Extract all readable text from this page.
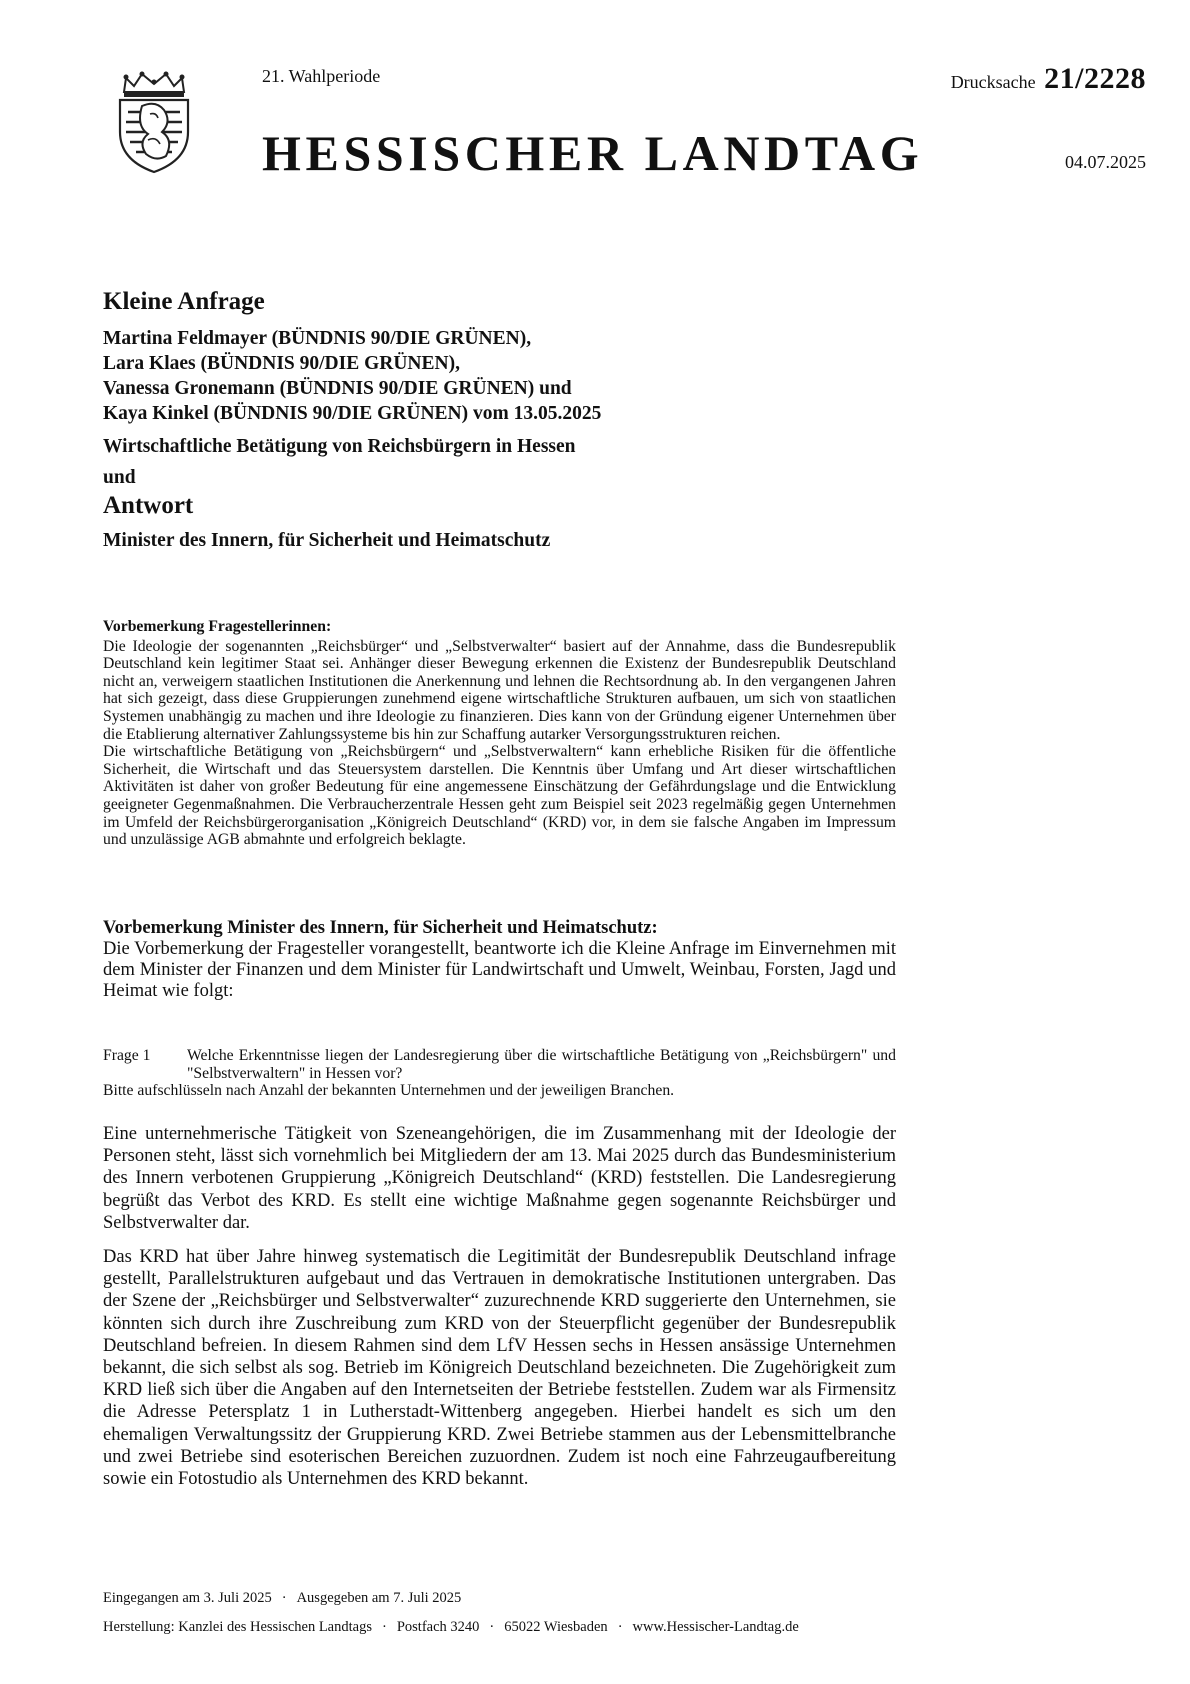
21. Wahlperiode	Drucksache 21/2228
HESSISCHER LANDTAG	04.07.2025

Kleine Anfrage

Martina Feldmayer (BÜNDNIS 90/DIE GRÜNEN),

Lara Klaes (BÜNDNIS 90/DIE GRÜNEN),

Vanessa Gronemann (BÜNDNIS 90/DIE GRÜNEN) und

Kaya Kinkel (BÜNDNIS 90/DIE GRÜNEN) vom 13.05.2025

Wirtschaftliche Betätigung von Reichsbürgern in Hessen

und

Antwort

Minister des Innern, für Sicherheit und Heimatschutz

Vorbemerkung Fragestellerinnen:

Die Ideologie der sogenannten „Reichsbürger“ und „Selbstverwalter“ basiert auf der Annahme, dass die Bundesrepublik Deutschland kein legitimer Staat sei. Anhänger dieser Bewegung erkennen die Existenz der Bundesrepublik Deutschland nicht an, verweigern staatlichen Institutionen die Anerkennung und lehnen die Rechtsordnung ab. In den vergangenen Jahren hat sich gezeigt, dass diese Gruppierungen zunehmend eigene wirtschaftliche Strukturen aufbauen, um sich von staatlichen Systemen unabhängig zu machen und ihre Ideologie zu finanzieren. Dies kann von der Gründung eigener Unternehmen über die Etablierung alternativer Zahlungssysteme bis hin zur Schaffung autarker Versorgungsstrukturen reichen.

Die wirtschaftliche Betätigung von „Reichsbürgern“ und „Selbstverwaltern“ kann erhebliche Risiken für die öffentliche Sicherheit, die Wirtschaft und das Steuersystem darstellen. Die Kenntnis über Umfang und Art dieser wirtschaftlichen Aktivitäten ist daher von großer Bedeutung für eine angemessene Einschätzung der Gefährdungslage und die Entwicklung geeigneter Gegenmaßnahmen. Die Verbraucherzentrale Hessen geht zum Beispiel seit 2023 regelmäßig gegen Unternehmen im Umfeld der Reichsbürgerorganisation „Königreich Deutschland“ (KRD) vor, in dem sie falsche Angaben im Impressum und unzulässige AGB abmahnte und erfolgreich beklagte.

Vorbemerkung Minister des Innern, für Sicherheit und Heimatschutz:

Die Vorbemerkung der Fragesteller vorangestellt, beantworte ich die Kleine Anfrage im Einvernehmen mit dem Minister der Finanzen und dem Minister für Landwirtschaft und Umwelt, Weinbau, Forsten, Jagd und Heimat wie folgt:

Frage 1	Welche Erkenntnisse liegen der Landesregierung über die wirtschaftliche Betätigung von „Reichsbürgern" und "Selbstverwaltern" in Hessen vor?
Bitte aufschlüsseln nach Anzahl der bekannten Unternehmen und der jeweiligen Branchen.

Eine unternehmerische Tätigkeit von Szeneangehörigen, die im Zusammenhang mit der Ideologie der Personen steht, lässt sich vornehmlich bei Mitgliedern der am 13. Mai 2025 durch das Bundesministerium des Innern verbotenen Gruppierung „Königreich Deutschland“ (KRD) feststellen. Die Landesregierung begrüßt das Verbot des KRD. Es stellt eine wichtige Maßnahme gegen sogenannte Reichsbürger und Selbstverwalter dar.

Das KRD hat über Jahre hinweg systematisch die Legitimität der Bundesrepublik Deutschland infrage gestellt, Parallelstrukturen aufgebaut und das Vertrauen in demokratische Institutionen untergraben. Das der Szene der „Reichsbürger und Selbstverwalter“ zuzurechnende KRD suggerierte den Unternehmen, sie könnten sich durch ihre Zuschreibung zum KRD von der Steuerpflicht gegenüber der Bundesrepublik Deutschland befreien. In diesem Rahmen sind dem LfV Hessen sechs in Hessen ansässige Unternehmen bekannt, die sich selbst als sog. Betrieb im Königreich Deutschland bezeichneten. Die Zugehörigkeit zum KRD ließ sich über die Angaben auf den Internetseiten der Betriebe feststellen. Zudem war als Firmensitz die Adresse Petersplatz 1 in Lutherstadt-Wittenberg angegeben. Hierbei handelt es sich um den ehemaligen Verwaltungssitz der Gruppierung KRD. Zwei Betriebe stammen aus der Lebensmittelbranche und zwei Betriebe sind esoterischen Bereichen zuzuordnen. Zudem ist noch eine Fahrzeugaufbereitung sowie ein Fotostudio als Unternehmen des KRD bekannt.

Eingegangen am 3. Juli 2025 · Ausgegeben am 7. Juli 2025
Herstellung: Kanzlei des Hessischen Landtags · Postfach 3240 · 65022 Wiesbaden · www.Hessischer-Landtag.de
